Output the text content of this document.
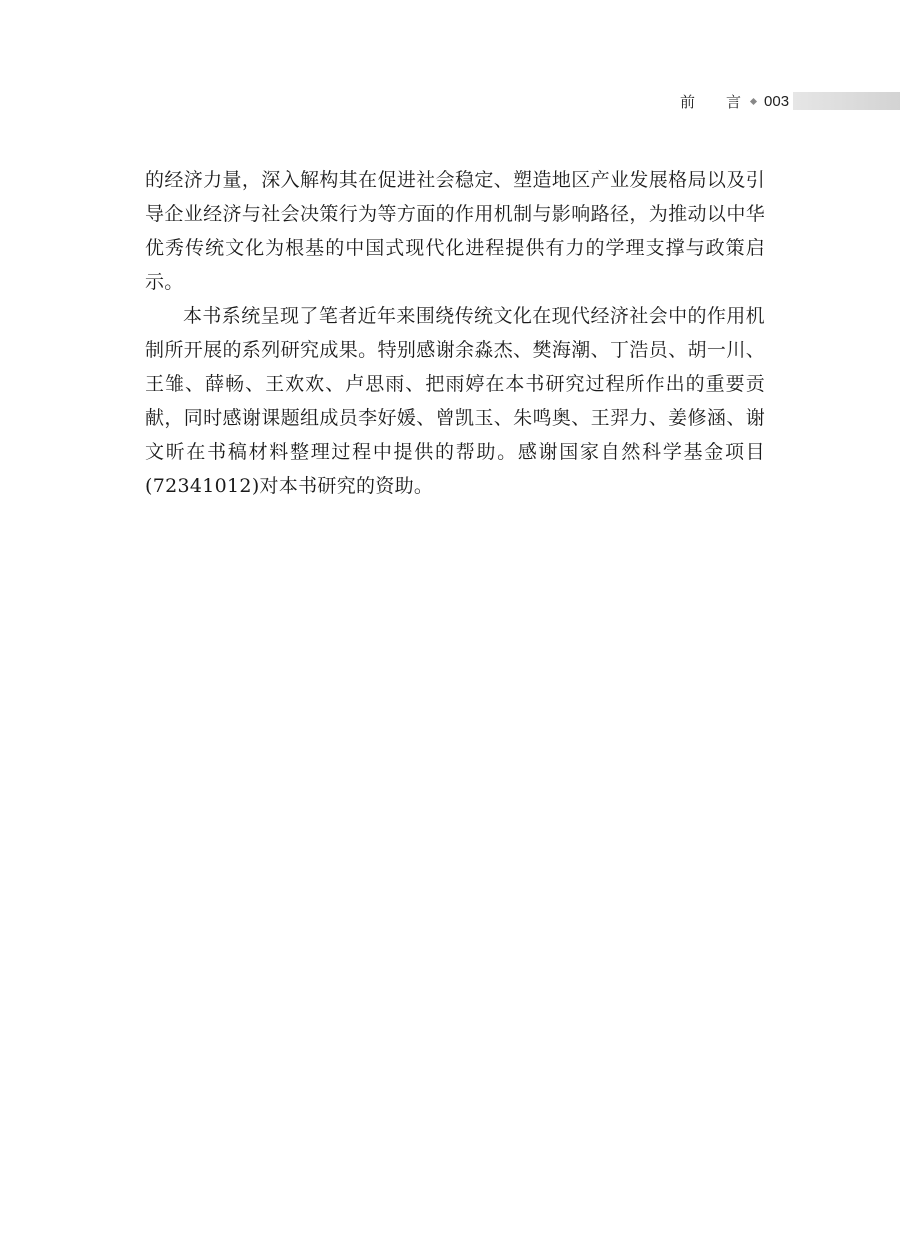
前　言 003

的经济力量，深入解构其在促进社会稳定、塑造地区产业发展格局以及引导企业经济与社会决策行为等方面的作用机制与影响路径，为推动以中华优秀传统文化为根基的中国式现代化进程提供有力的学理支撑与政策启示。

本书系统呈现了笔者近年来围绕传统文化在现代经济社会中的作用机制所开展的系列研究成果。特别感谢余淼杰、樊海潮、丁浩员、胡一川、王雏、薛畅、王欢欢、卢思雨、把雨婷在本书研究过程所作出的重要贡献，同时感谢课题组成员李好媛、曾凯玉、朱鸣奥、王羿力、姜修涵、谢文昕在书稿材料整理过程中提供的帮助。感谢国家自然科学基金项目(72341012)对本书研究的资助。
